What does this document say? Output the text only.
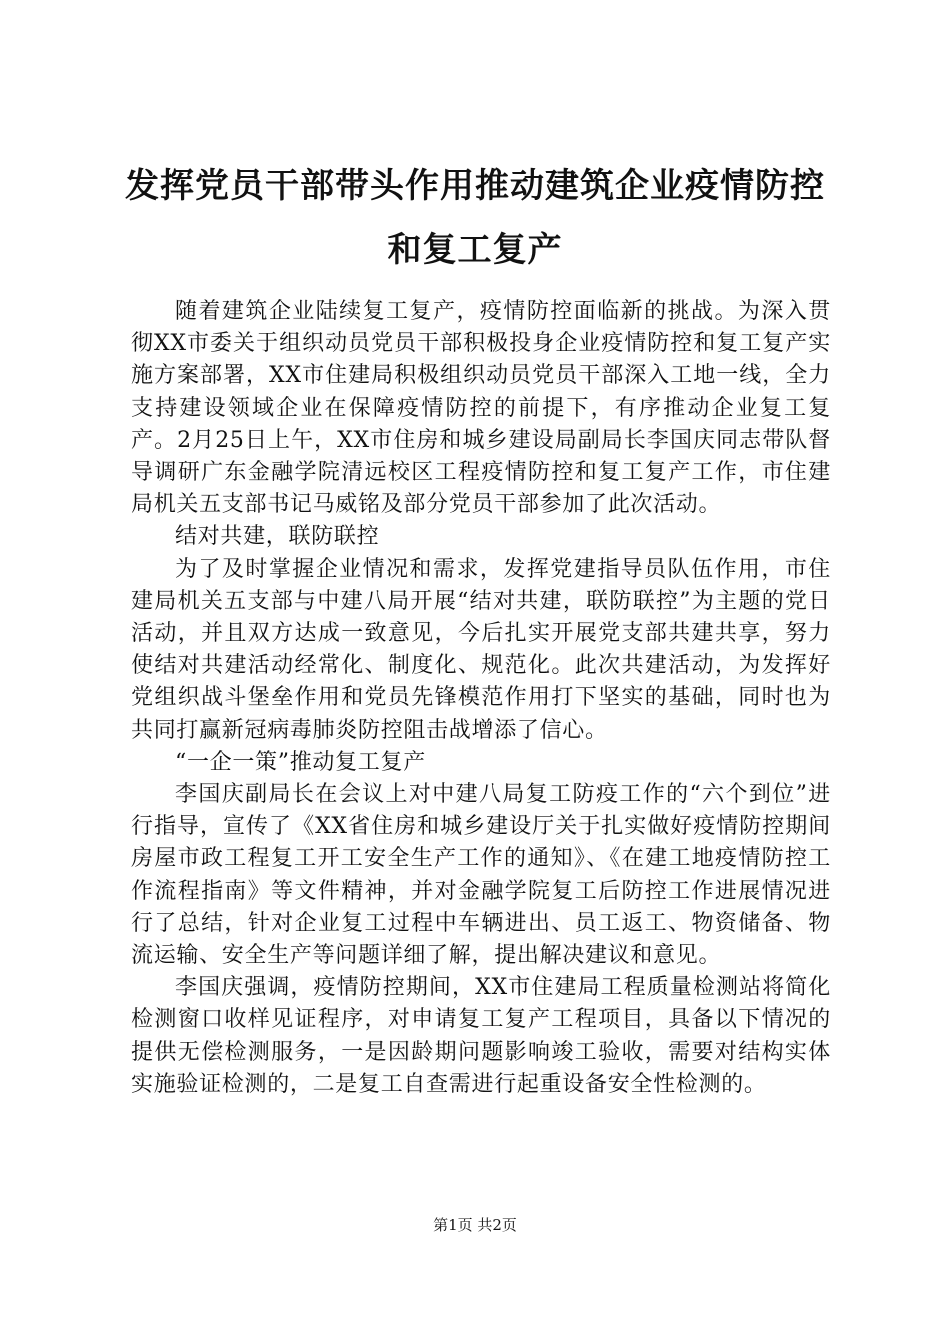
发挥党员干部带头作用推动建筑企业疫情防控
和复工复产

随着建筑企业陆续复工复产，疫情防控面临新的挑战。为深入贯彻XX市委关于组织动员党员干部积极投身企业疫情防控和复工复产实施方案部署，XX市住建局积极组织动员党员干部深入工地一线，全力支持建设领域企业在保障疫情防控的前提下，有序推动企业复工复产。2月25日上午，XX市住房和城乡建设局副局长李国庆同志带队督导调研广东金融学院清远校区工程疫情防控和复工复产工作，市住建局机关五支部书记马威铭及部分党员干部参加了此次活动。

结对共建，联防联控

为了及时掌握企业情况和需求，发挥党建指导员队伍作用，市住建局机关五支部与中建八局开展“结对共建，联防联控”为主题的党日活动，并且双方达成一致意见，今后扎实开展党支部共建共享，努力使结对共建活动经常化、制度化、规范化。此次共建活动，为发挥好党组织战斗堡垒作用和党员先锋模范作用打下坚实的基础，同时也为共同打赢新冠病毒肺炎防控阻击战增添了信心。

“一企一策”推动复工复产

李国庆副局长在会议上对中建八局复工防疫工作的“六个到位”进行指导，宣传了《XX省住房和城乡建设厅关于扎实做好疫情防控期间房屋市政工程复工开工安全生产工作的通知》、《在建工地疫情防控工作流程指南》等文件精神，并对金融学院复工后防控工作进展情况进行了总结，针对企业复工过程中车辆进出、员工返工、物资储备、物流运输、安全生产等问题详细了解，提出解决建议和意见。

李国庆强调，疫情防控期间，XX市住建局工程质量检测站将简化检测窗口收样见证程序，对申请复工复产工程项目，具备以下情况的提供无偿检测服务，一是因龄期问题影响竣工验收，需要对结构实体实施验证检测的，二是复工自查需进行起重设备安全性检测的。

第1页 共2页
